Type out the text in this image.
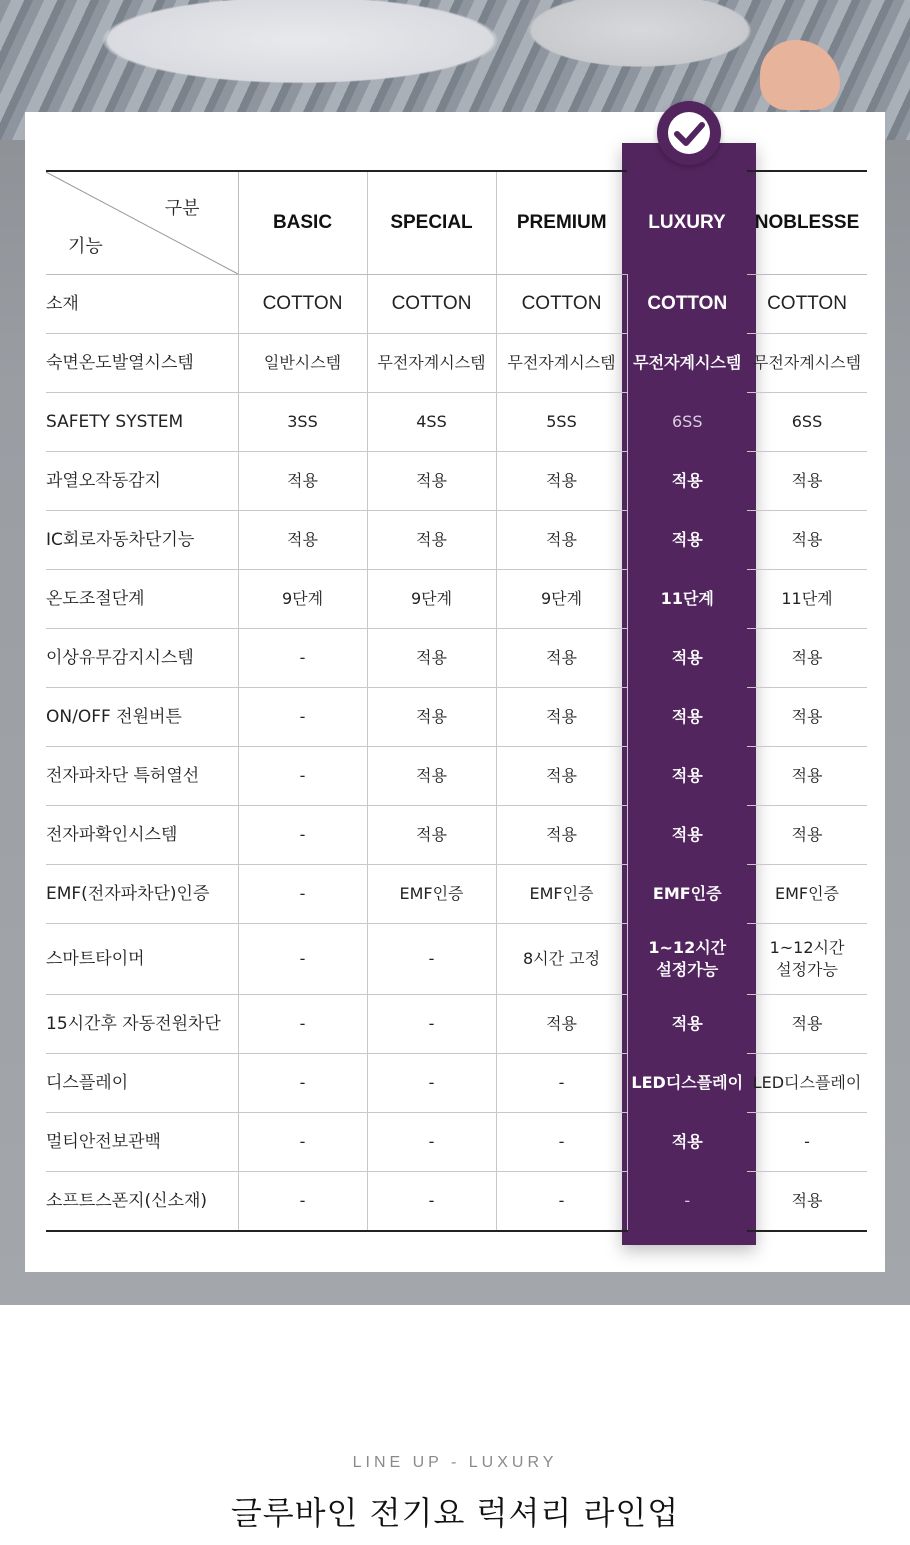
구분
기능	BASIC	SPECIAL	PREMIUM	LUXURY	NOBLESSE
소재	COTTON	COTTON	COTTON	COTTON	COTTON
숙면온도발열시스템	일반시스템	무전자계시스템	무전자계시스템	무전자계시스템	무전자계시스템
SAFETY SYSTEM	3SS	4SS	5SS	6SS	6SS
과열오작동감지	적용	적용	적용	적용	적용
IC회로자동차단기능	적용	적용	적용	적용	적용
온도조절단계	9단계	9단계	9단계	11단계	11단계
이상유무감지시스템	-	적용	적용	적용	적용
ON/OFF 전원버튼	-	적용	적용	적용	적용
전자파차단 특허열선	-	적용	적용	적용	적용
전자파확인시스템	-	적용	적용	적용	적용
EMF(전자파차단)인증	-	EMF인증	EMF인증	EMF인증	EMF인증
스마트타이머	-	-	8시간 고정	1~12시간 설정가능	1~12시간 설정가능
15시간후 자동전원차단	-	-	적용	적용	적용
디스플레이	-	-	-	LED디스플레이	LED디스플레이
멀티안전보관백	-	-	-	적용	-
소프트스폰지(신소재)	-	-	-	-	적용
LINE UP - LUXURY
글루바인 전기요 럭셔리 라인업
